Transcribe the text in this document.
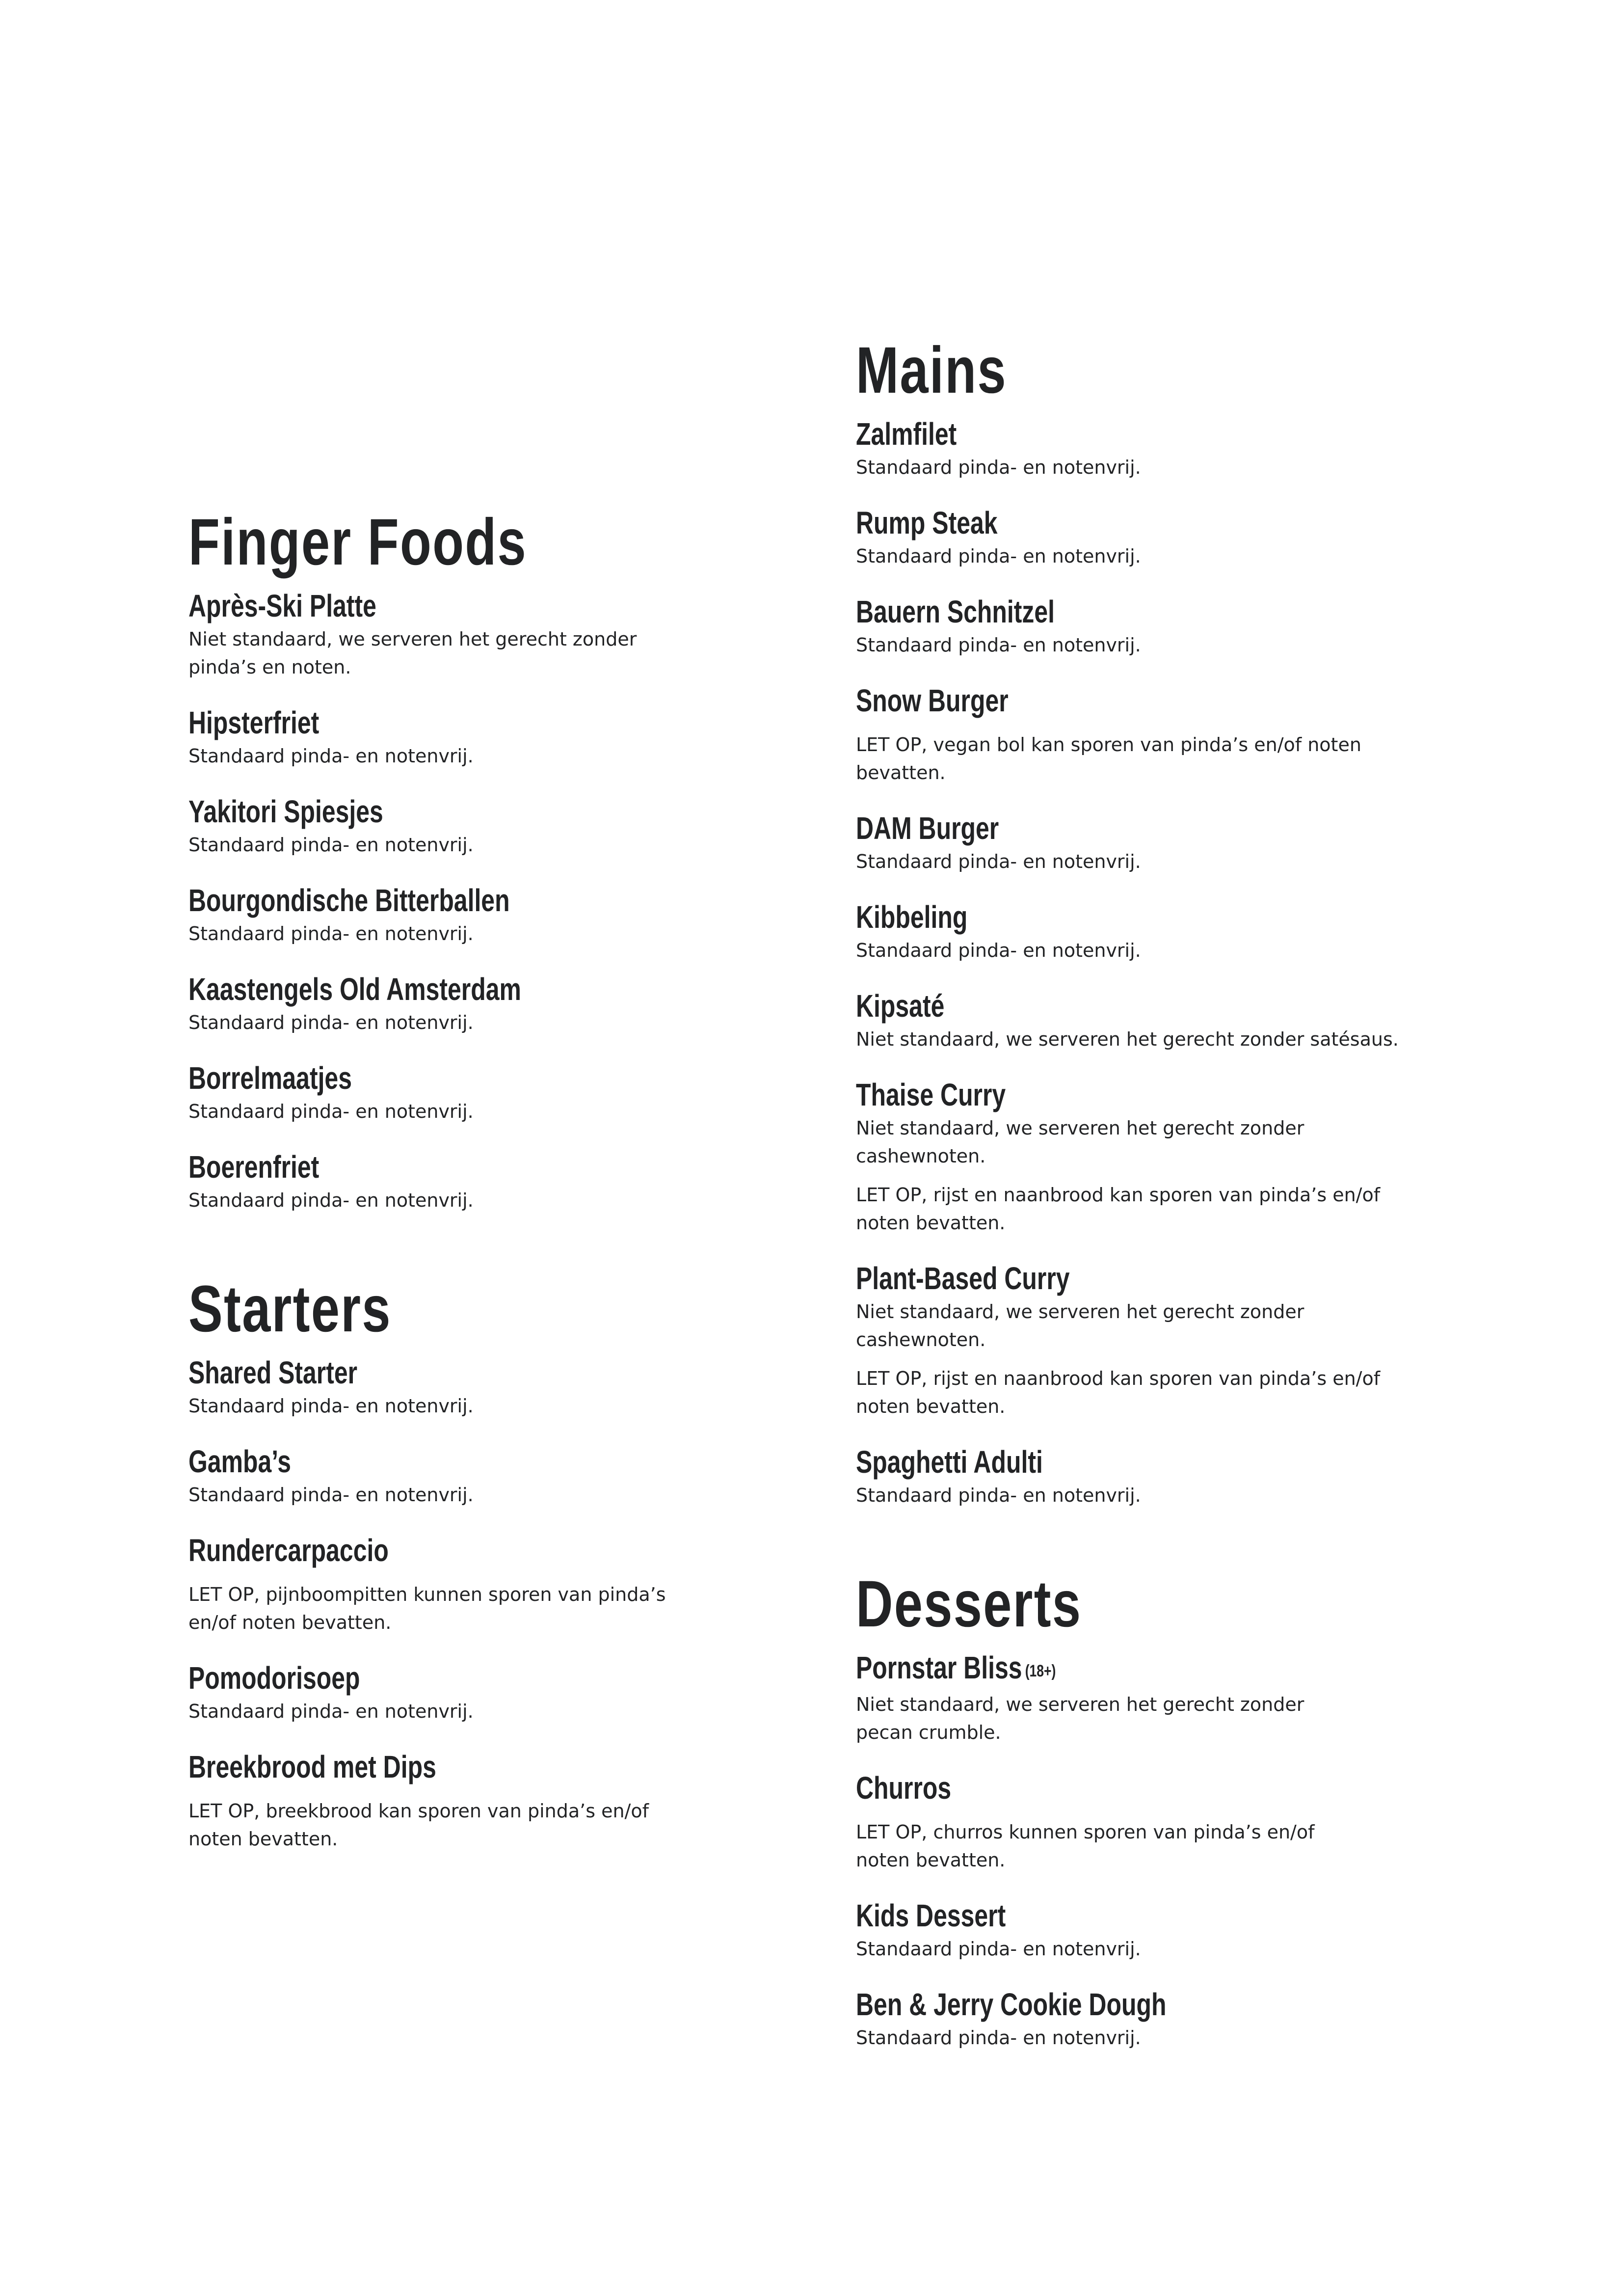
Finger Foods
Après-Ski Platte
Niet standaard, we serveren het gerecht zonder
pinda’s en noten.
Hipsterfriet
Standaard pinda- en notenvrij.
Yakitori Spiesjes
Standaard pinda- en notenvrij.
Bourgondische Bitterballen
Standaard pinda- en notenvrij.
Kaastengels Old Amsterdam
Standaard pinda- en notenvrij.
Borrelmaatjes
Standaard pinda- en notenvrij.
Boerenfriet
Standaard pinda- en notenvrij.
Starters
Shared Starter
Standaard pinda- en notenvrij.
Gamba’s
Standaard pinda- en notenvrij.
Rundercarpaccio
LET OP, pijnboompitten kunnen sporen van pinda’s
en/of noten bevatten.
Pomodorisoep
Standaard pinda- en notenvrij.
Breekbrood met Dips
LET OP, breekbrood kan sporen van pinda’s en/of
noten bevatten.
Mains
Zalmfilet
Standaard pinda- en notenvrij.
Rump Steak
Standaard pinda- en notenvrij.
Bauern Schnitzel
Standaard pinda- en notenvrij.
Snow Burger
LET OP, vegan bol kan sporen van pinda’s en/of noten
bevatten.
DAM Burger
Standaard pinda- en notenvrij.
Kibbeling
Standaard pinda- en notenvrij.
Kipsaté
Niet standaard, we serveren het gerecht zonder satésaus.
Thaise Curry
Niet standaard, we serveren het gerecht zonder
cashewnoten.
LET OP, rijst en naanbrood kan sporen van pinda’s en/of
noten bevatten.
Plant-Based Curry
Niet standaard, we serveren het gerecht zonder
cashewnoten.
LET OP, rijst en naanbrood kan sporen van pinda’s en/of
noten bevatten.
Spaghetti Adulti
Standaard pinda- en notenvrij.
Desserts
Pornstar Bliss (18+)
Niet standaard, we serveren het gerecht zonder
pecan crumble.
Churros
LET OP, churros kunnen sporen van pinda’s en/of
noten bevatten.
Kids Dessert
Standaard pinda- en notenvrij.
Ben & Jerry Cookie Dough
Standaard pinda- en notenvrij.
